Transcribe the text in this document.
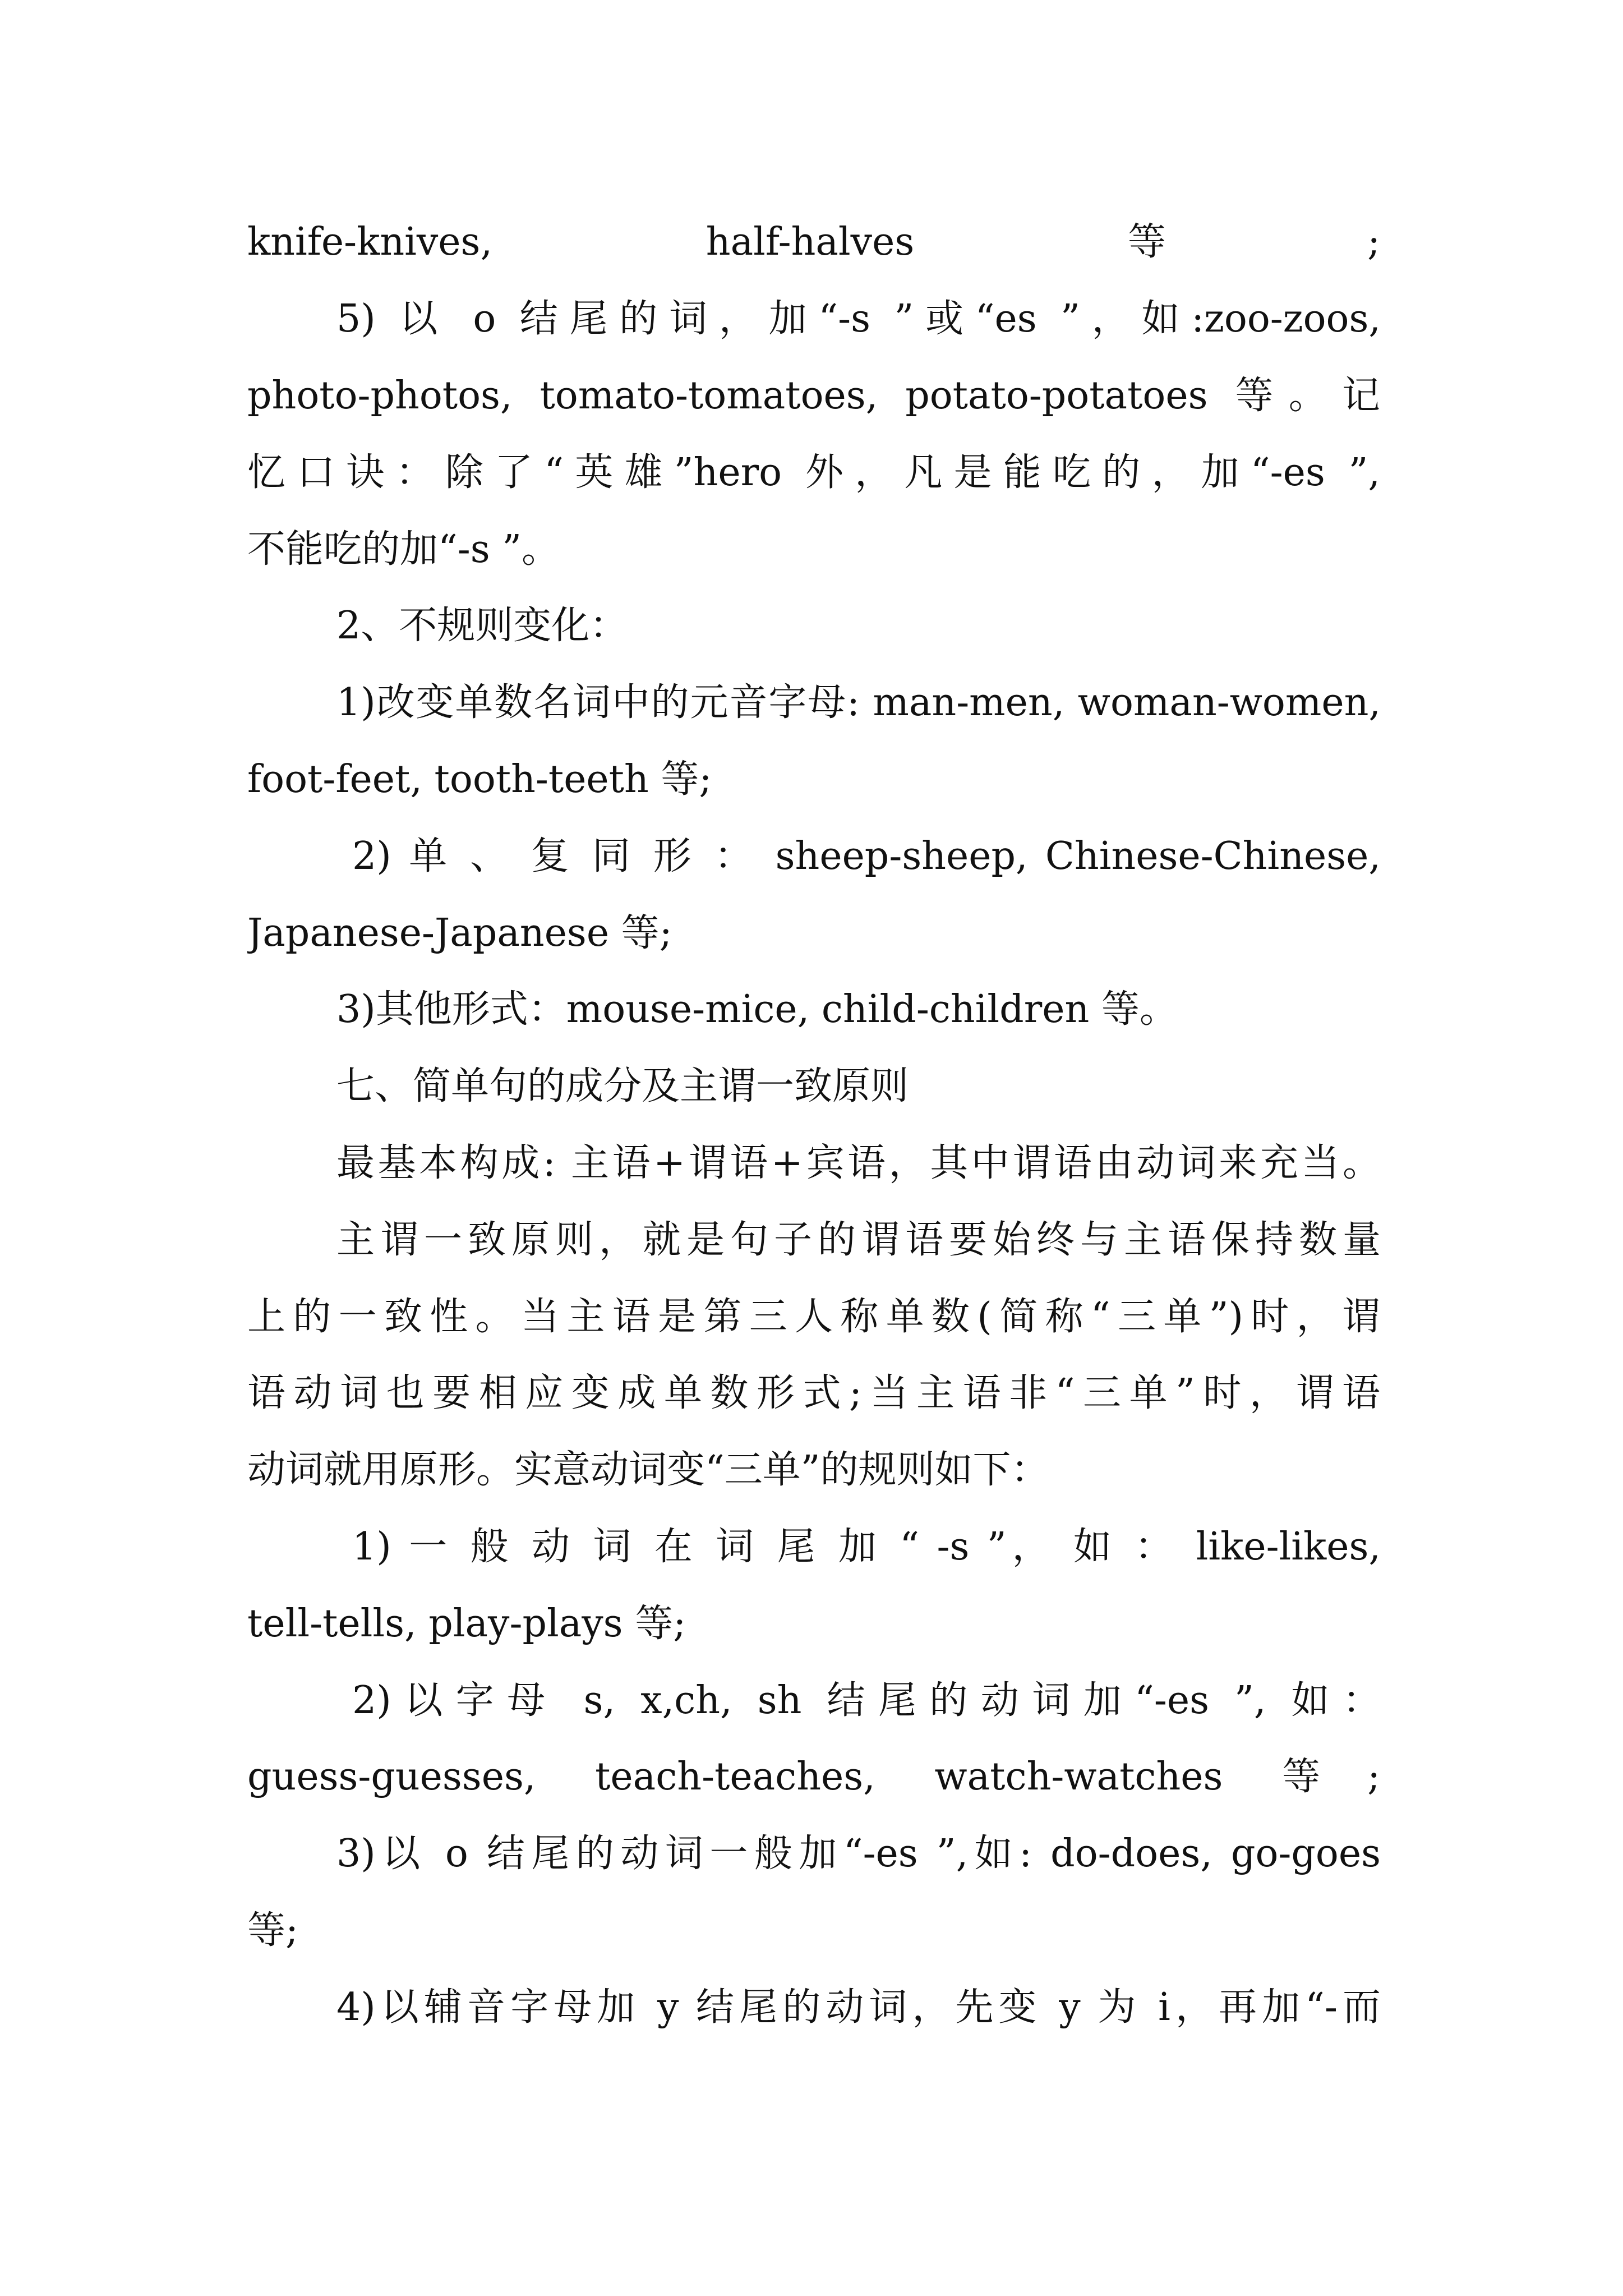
knife-knives, half-halves 等;
5) 以 o 结尾的词，加“-s ”或“es ”，如:zoo-zoos,
photo-photos, tomato-tomatoes, potato-potatoes 等。记
忆口诀：除了“英雄”hero 外，凡是能吃的，加“-es ”,
不能吃的加“-s ”。
2、不规则变化：
1)改变单数名词中的元音字母: man-men, woman-women,
foot-feet, tooth-teeth 等;
2) 单 、 复 同 形 ： sheep-sheep, Chinese-Chinese,
Japanese-Japanese 等;
3)其他形式：mouse-mice, child-children 等。
七、简单句的成分及主谓一致原则
最基本构成: 主语+谓语+宾语，其中谓语由动词来充当。
主谓一致原则，就是句子的谓语要始终与主语保持数量
上的一致性。当主语是第三人称单数(简称“三单”)时，谓
语动词也要相应变成单数形式;当主语非“三单”时，谓语
动词就用原形。实意动词变“三单”的规则如下：
1) 一 般 动 词 在 词 尾 加 “ -s ”， 如 ： like-likes,
tell-tells, play-plays 等;
2)以字母 s, x,ch, sh 结尾的动词加“-es ”, 如：
guess-guesses, teach-teaches, watch-watches 等;
3)以 o 结尾的动词一般加“-es ”,如: do-does, go-goes
等;
4)以辅音字母加 y 结尾的动词，先变 y 为 i，再加“-而
